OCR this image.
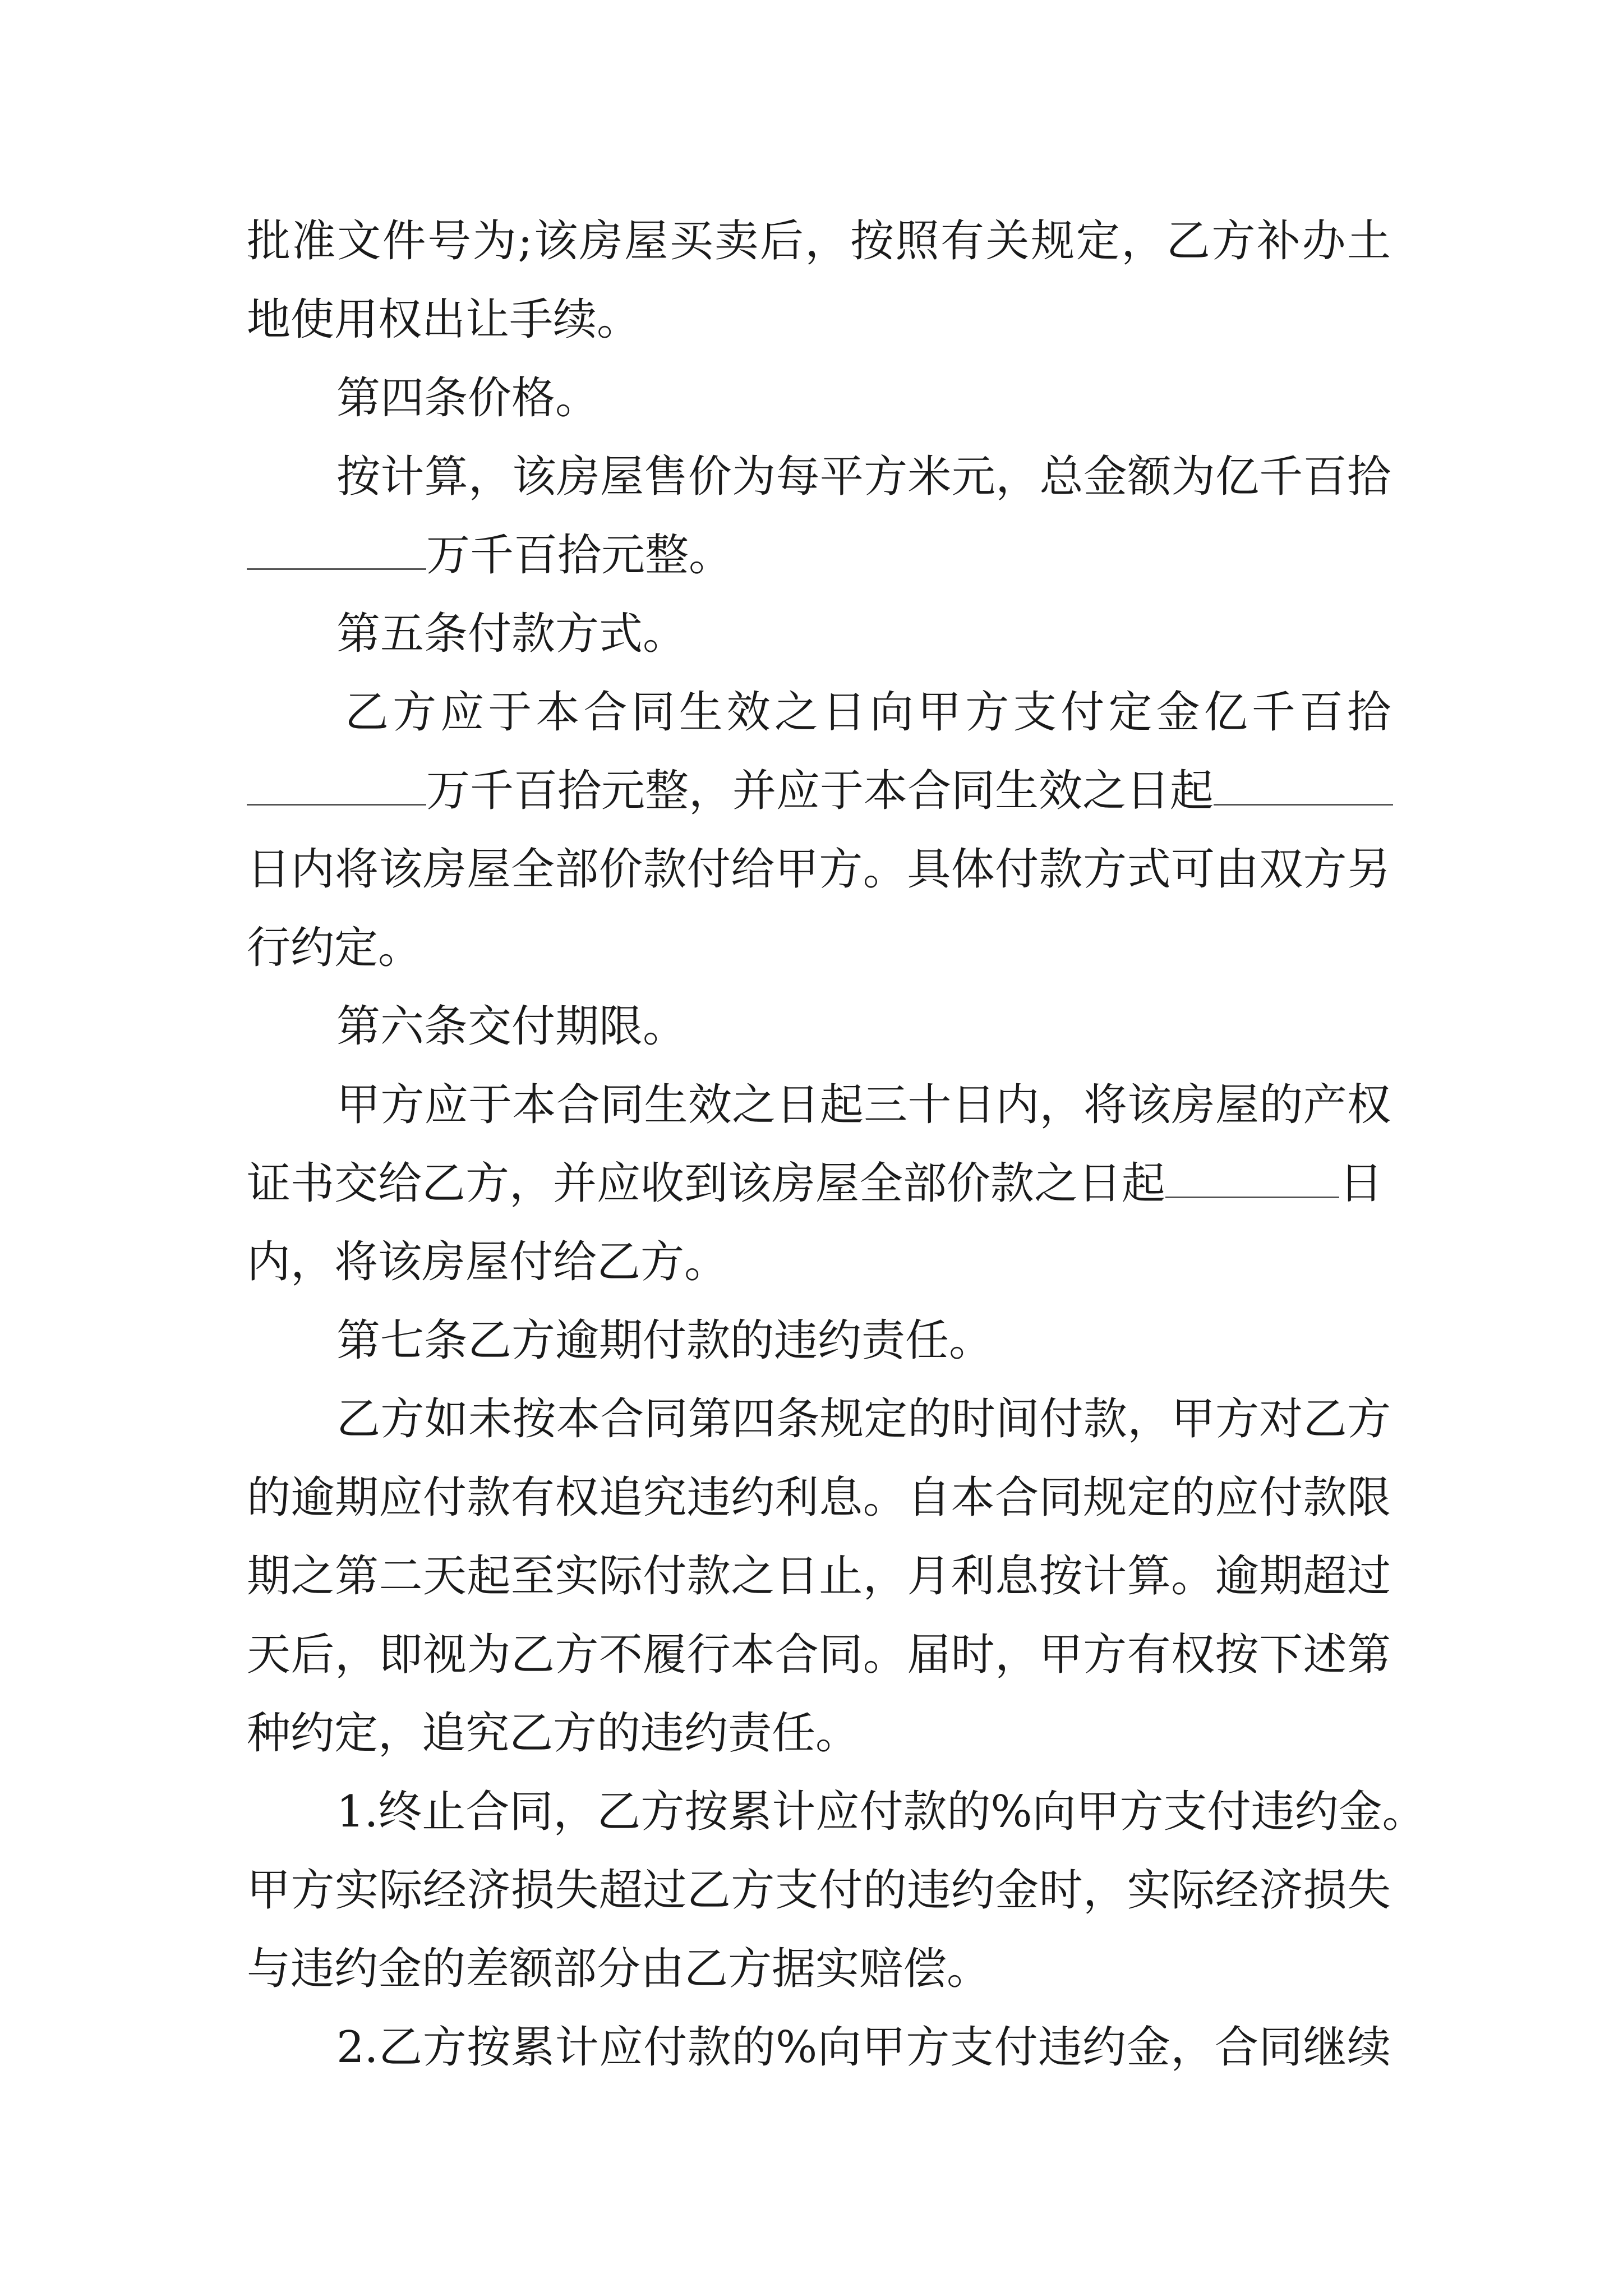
批准文件号为;该房屋买卖后，按照有关规定，乙方补办土

地使用权出让手续。

第四条价格。

按计算，该房屋售价为每平方米元，总金额为亿千百拾

万千百拾元整。

第五条付款方式。

乙方应于本合同生效之日向甲方支付定金亿千百拾

万千百拾元整，并应于本合同生效之日起

日内将该房屋全部价款付给甲方。具体付款方式可由双方另

行约定。

第六条交付期限。

甲方应于本合同生效之日起三十日内，将该房屋的产权

证书交给乙方，并应收到该房屋全部价款之日起	日

内，将该房屋付给乙方。

第七条乙方逾期付款的违约责任。

乙方如未按本合同第四条规定的时间付款，甲方对乙方

的逾期应付款有权追究违约利息。自本合同规定的应付款限

期之第二天起至实际付款之日止，月利息按计算。逾期超过

天后，即视为乙方不履行本合同。届时，甲方有权按下述第

种约定，追究乙方的违约责任。

1.终止合同，乙方按累计应付款的%向甲方支付违约金。

甲方实际经济损失超过乙方支付的违约金时，实际经济损失

与违约金的差额部分由乙方据实赔偿。

2.乙方按累计应付款的%向甲方支付违约金，合同继续
